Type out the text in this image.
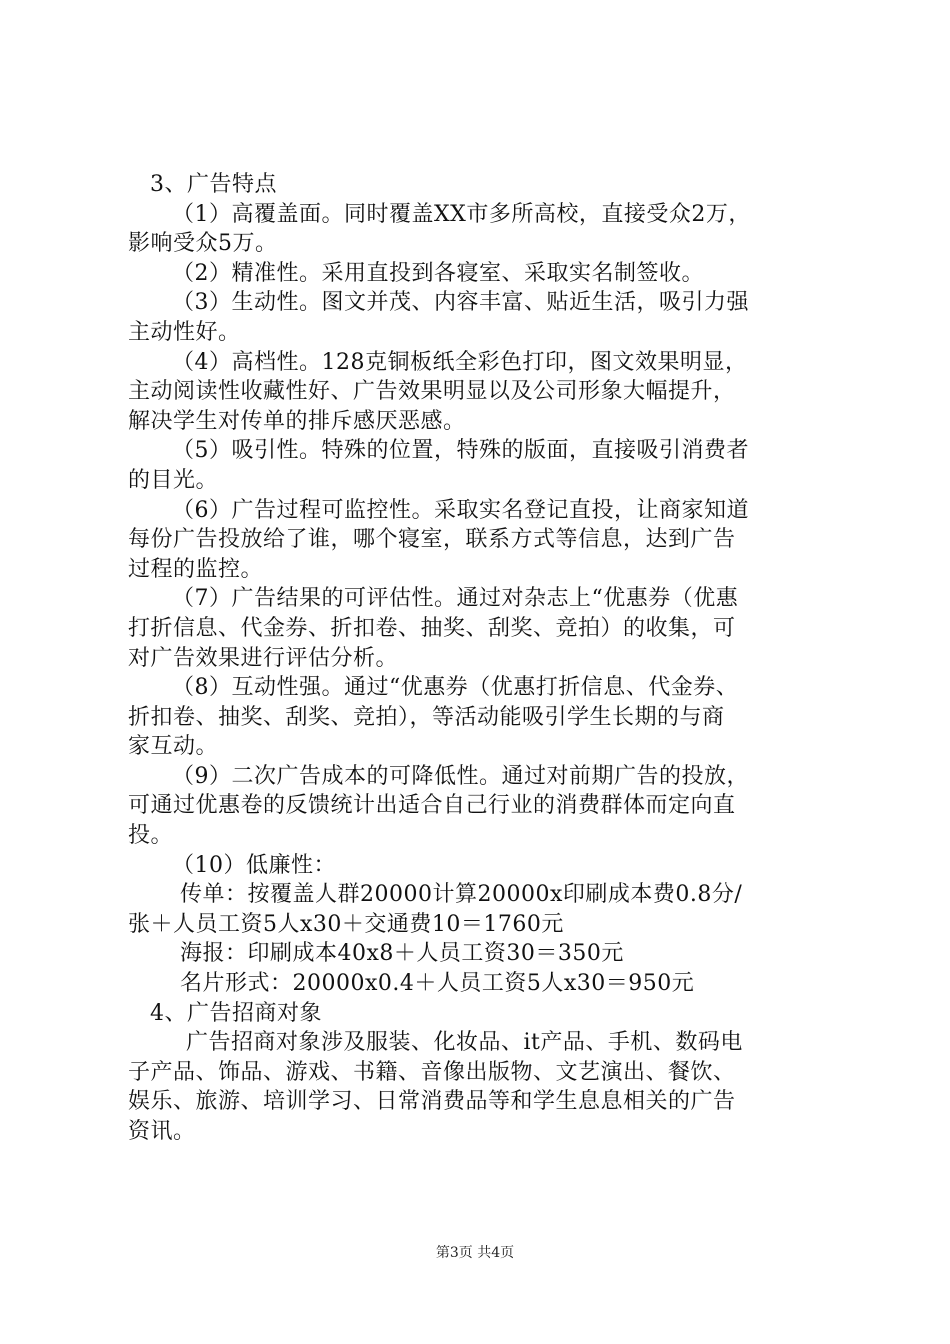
3、广告特点
（1）高覆盖面。同时覆盖XX市多所高校，直接受众2万，
影响受众5万。
（2）精准性。采用直投到各寝室、采取实名制签收。
（3）生动性。图文并茂、内容丰富、贴近生活，吸引力强
主动性好。
（4）高档性。128克铜板纸全彩色打印，图文效果明显，
主动阅读性收藏性好、广告效果明显以及公司形象大幅提升，
解决学生对传单的排斥感厌恶感。
（5）吸引性。特殊的位置，特殊的版面，直接吸引消费者
的目光。
（6）广告过程可监控性。采取实名登记直投，让商家知道
每份广告投放给了谁，哪个寝室，联系方式等信息，达到广告
过程的监控。
（7）广告结果的可评估性。通过对杂志上“优惠券（优惠
打折信息、代金券、折扣卷、抽奖、刮奖、竞拍）的收集，可
对广告效果进行评估分析。
（8）互动性强。通过“优惠券（优惠打折信息、代金券、
折扣卷、抽奖、刮奖、竞拍），等活动能吸引学生长期的与商
家互动。
（9）二次广告成本的可降低性。通过对前期广告的投放，
可通过优惠卷的反馈统计出适合自己行业的消费群体而定向直
投。
（10）低廉性：
传单：按覆盖人群20000计算20000x印刷成本费0.8分/
张＋人员工资5人x30＋交通费10＝1760元
海报：印刷成本40x8＋人员工资30＝350元
名片形式：20000x0.4＋人员工资5人x30＝950元
4、广告招商对象
广告招商对象涉及服装、化妆品、it产品、手机、数码电
子产品、饰品、游戏、书籍、音像出版物、文艺演出、餐饮、
娱乐、旅游、培训学习、日常消费品等和学生息息相关的广告
资讯。
第3页 共4页
